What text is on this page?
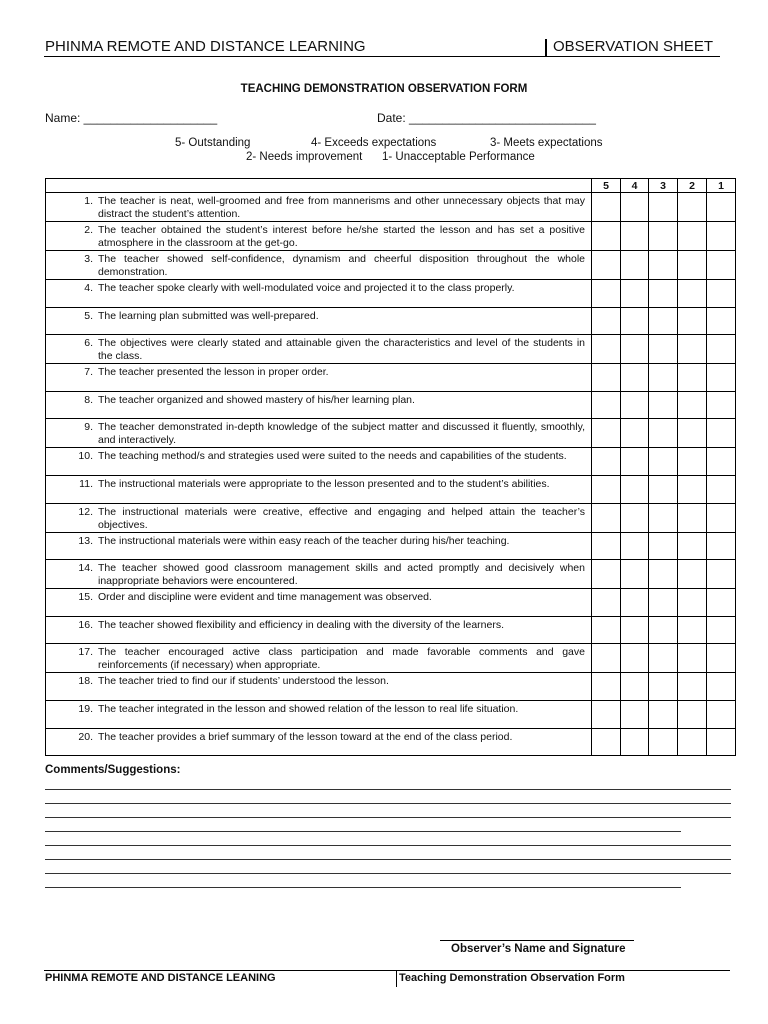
PHINMA REMOTE AND DISTANCE LEARNING	OBSERVATION SHEET
TEACHING DEMONSTRATION OBSERVATION FORM
Name: ____________________	Date: ____________________________
5- Outstanding	4- Exceeds expectations	3- Meets expectations
2- Needs improvement 1- Unacceptable Performance
	5	4	3	2	1

1. The teacher is neat, well-groomed and free from mannerisms and other unnecessary objects that may distract the student’s attention.					

2. The teacher obtained the student’s interest before he/she started the lesson and has set a positive atmosphere in the classroom at the get-go.					

3. The teacher showed self-confidence, dynamism and cheerful disposition throughout the whole demonstration.					

4. The teacher spoke clearly with well-modulated voice and projected it to the class properly.					

5. The learning plan submitted was well-prepared.					

6. The objectives were clearly stated and attainable given the characteristics and level of the students in the class.					

7. The teacher presented the lesson in proper order.					

8. The teacher organized and showed mastery of his/her learning plan.					

9. The teacher demonstrated in-depth knowledge of the subject matter and discussed it fluently, smoothly, and interactively.					

10. The teaching method/s and strategies used were suited to the needs and capabilities of the students.					

11. The instructional materials were appropriate to the lesson presented and to the student’s abilities.					

12. The instructional materials were creative, effective and engaging and helped attain the teacher’s objectives.					

13. The instructional materials were within easy reach of the teacher during his/her teaching.					

14. The teacher showed good classroom management skills and acted promptly and decisively when inappropriate behaviors were encountered.					

15. Order and discipline were evident and time management was observed.					

16. The teacher showed flexibility and efficiency in dealing with the diversity of the learners.					

17. The teacher encouraged active class participation and made favorable comments and gave reinforcements (if necessary) when appropriate.					

18. The teacher tried to find our if students’ understood the lesson.					

19. The teacher integrated in the lesson and showed relation of the lesson to real life situation.					

20. The teacher provides a brief summary of the lesson toward at the end of the class period.					

Comments/Suggestions:
Observer’s Name and Signature
PHINMA REMOTE AND DISTANCE LEANING	Teaching Demonstration Observation Form
